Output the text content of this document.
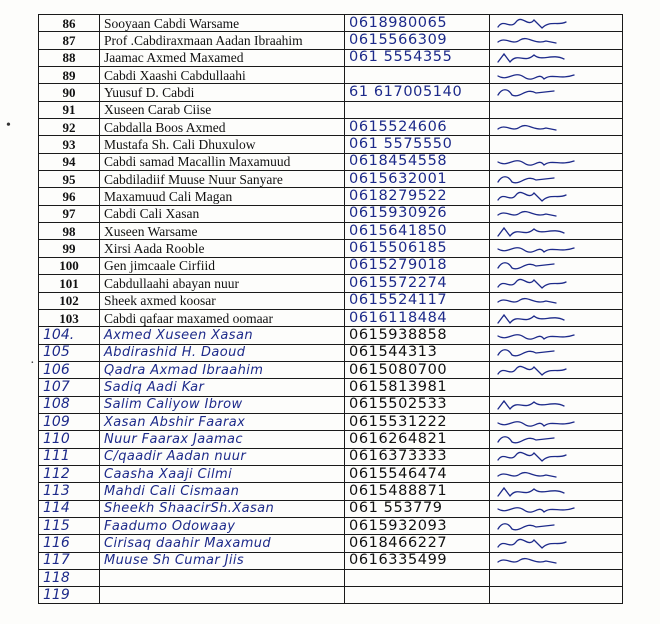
•
·
86	Sooyaan Cabdi Warsame	0618980065	

87	Prof .Cabdiraxmaan Aadan Ibraahim	0615566309	

88	Jaamac Axmed Maxamed	061 5554355	

89	Cabdi Xaashi Cabdullaahi		

90	Yuusuf D. Cabdi	61 617005140	

91	Xuseen Carab Ciise		
92	Cabdalla Boos Axmed	0615524606	

93	Mustafa Sh. Cali Dhuxulow	061 5575550	
94	Cabdi samad Macallin Maxamuud	0618454558	

95	Cabdiladiif Muuse Nuur Sanyare	0615632001	

96	Maxamuud Cali Magan	0618279522	

97	Cabdi Cali Xasan	0615930926	

98	Xuseen Warsame	0615641850	

99	Xirsi Aada Rooble	0615506185	

100	Gen jimcaale Cirfiid	0615279018	

101	Cabdullaahi abayan nuur	0615572274	

102	Sheek axmed koosar	0615524117	

103	Cabdi qafaar maxamed oomaar	0616118484	

104.	Axmed Xuseen Xasan	0615938858	

105	Abdirashid H. Daoud	061544313	

106	Qadra Axmad Ibraahim	0615080700	

107	Sadiq Aadi Kar	0615813981	
108	Salim Caliyow Ibrow	0615502533	

109	Xasan Abshir Faarax	0615531222	

110	Nuur Faarax Jaamac	0616264821	

111	C/qaadir Aadan nuur	0616373333	

112	Caasha Xaaji Cilmi	0615546474	

113	Mahdi Cali Cismaan	0615488871	

114	Sheekh ShaacirSh.Xasan	061 553779	

115	Faadumo Odowaay	0615932093	

116	Cirisaq daahir Maxamud	0618466227	

117	Muuse Sh Cumar Jiis	0616335499	

118			
119			
